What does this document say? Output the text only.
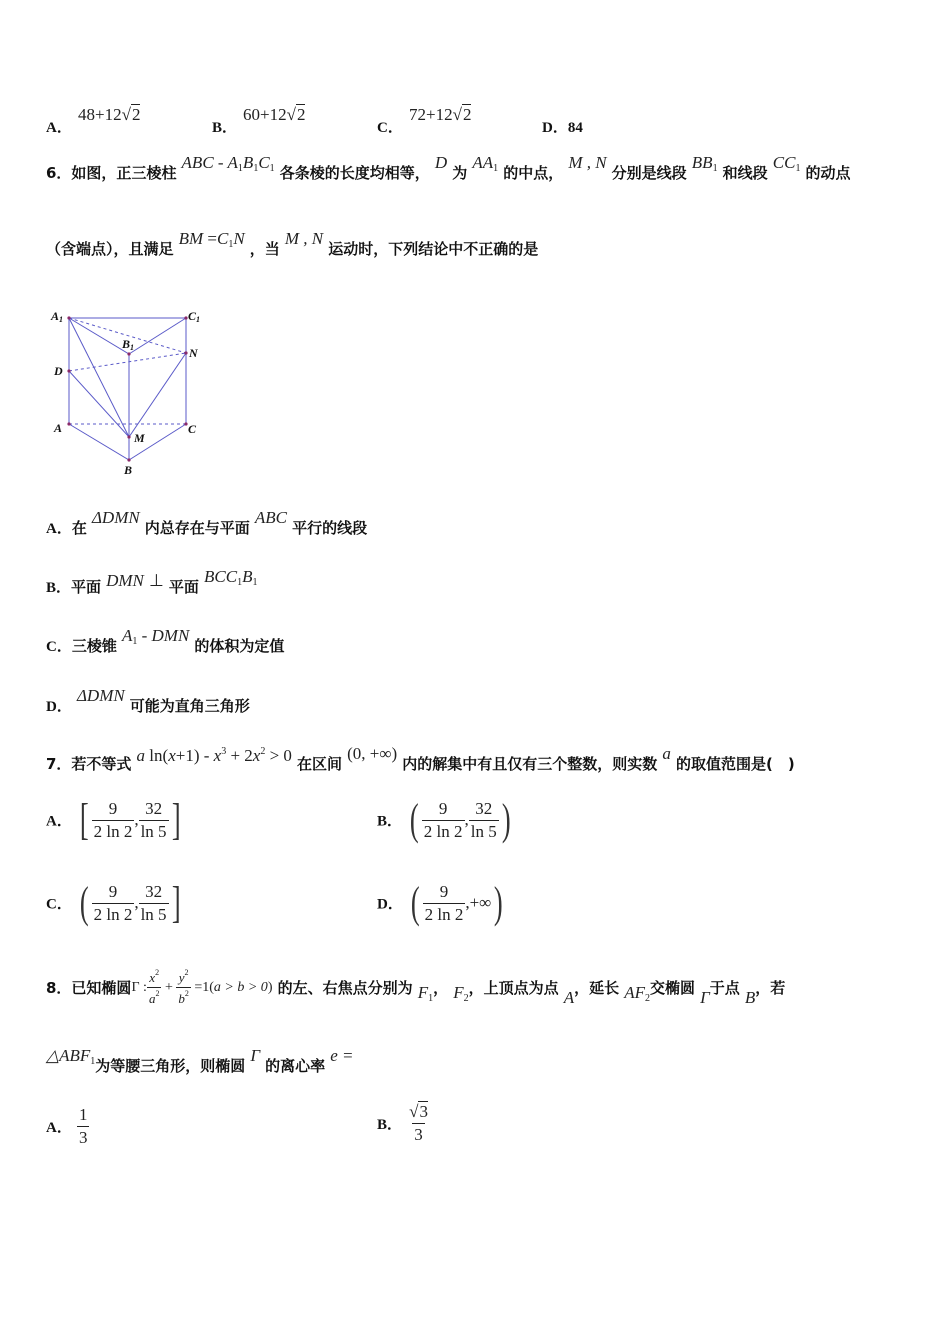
A．
48+12√2
B．
60+12√2
C．
72+12√2
D．84
6．如图，正三棱柱 ABC - $A_1B_1C_1$ 各条棱的长度均相等， D 为 $AA_1$ 的中点， M , N 分别是线段 $BB_1$ 和线段 $CC_1$ 的动点
（含端点），且满足 BM $=C_1N$ ，当 M , N 运动时，下列结论中不正确的是
A1	C1
B1	N
D
A	C
M
B
A．在 ΔDMN 内总存在与平面 ABC 平行的线段
B．平面 DMN ⊥ 平面 $BCC_1B_1$
C．三棱锥 $A_1$ - DMN 的体积为定值
D． ΔDMN 可能为直角三角形
7．若不等式 a $\ln(x+1) - x^3 + 2x^2 > 0$ 在区间 (0, +∞) 内的解集中有且仅有三个整数，则实数 a 的取值范围是(　)
A． [ $\frac{9}{2 \ln 2}$ , $\frac{32}{\ln 5}$ ]	B． ( $\frac{9}{2 \ln 2}$ , $\frac{32}{\ln 5}$ )
C． ( $\frac{9}{2 \ln 2}$ , $\frac{32}{\ln 5}$ ]	D． ( $\frac{9}{2 \ln 2}$ ,+∞)
8．已知椭圆Γ : $\frac{x^2}{a^2} + \frac{y^2}{b^2} =1(a > b > 0)$ 的左、右焦点分别为 $F_1$， $F_2$，上顶点为点 A，延长 $AF_2$交椭圆 Γ于点 B，若
$\triangle ABF_1$为等腰三角形，则椭圆 Γ 的离心率 e =
A． $\frac{1}{3}$	B． $\frac{√3}{3}$
